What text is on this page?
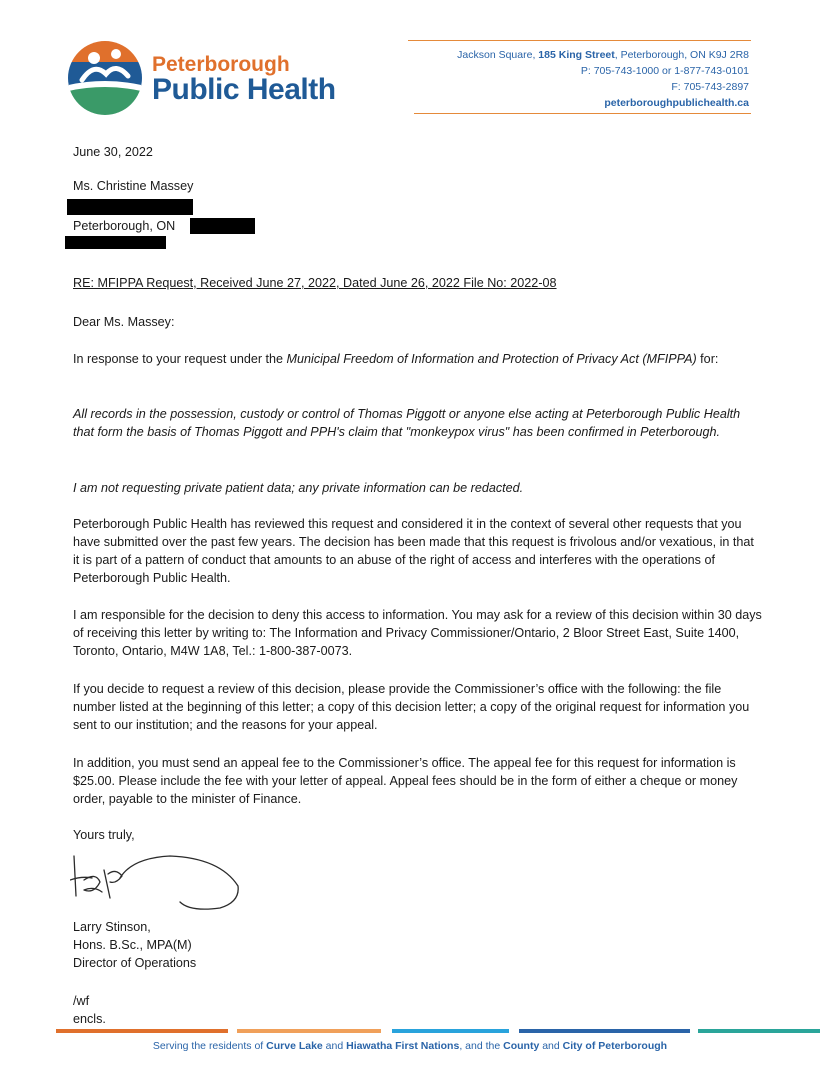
Peterborough
Public Health
Jackson Square, 185 King Street, Peterborough, ON K9J 2R8
P: 705-743-1000 or 1-877-743-0101
F: 705-743-2897
peterboroughpublichealth.ca
June 30, 2022
Ms. Christine Massey
Peterborough, ON
RE: MFIPPA Request, Received June 27, 2022, Dated June 26, 2022 File No: 2022-08
Dear Ms. Massey:
In response to your request under the Municipal Freedom of Information and Protection of Privacy Act (MFIPPA) for:
All records in the possession, custody or control of Thomas Piggott or anyone else acting at Peterborough Public Health that form the basis of Thomas Piggott and PPH's claim that "monkeypox virus" has been confirmed in Peterborough.
I am not requesting private patient data; any private information can be redacted.
Peterborough Public Health has reviewed this request and considered it in the context of several other requests that you have submitted over the past few years. The decision has been made that this request is frivolous and/or vexatious, in that it is part of a pattern of conduct that amounts to an abuse of the right of access and interferes with the operations of Peterborough Public Health.
I am responsible for the decision to deny this access to information. You may ask for a review of this decision within 30 days of receiving this letter by writing to: The Information and Privacy Commissioner/Ontario, 2 Bloor Street East, Suite 1400, Toronto, Ontario, M4W 1A8, Tel.: 1-800-387-0073.
If you decide to request a review of this decision, please provide the Commissioner’s office with the following: the file number listed at the beginning of this letter; a copy of this decision letter; a copy of the original request for information you sent to our institution; and the reasons for your appeal.
In addition, you must send an appeal fee to the Commissioner’s office. The appeal fee for this request for information is $25.00. Please include the fee with your letter of appeal. Appeal fees should be in the form of either a cheque or money order, payable to the minister of Finance.
Yours truly,
Larry Stinson,
Hons. B.Sc., MPA(M)
Director of Operations
/wf
encls.
Serving the residents of Curve Lake and Hiawatha First Nations, and the County and City of Peterborough
